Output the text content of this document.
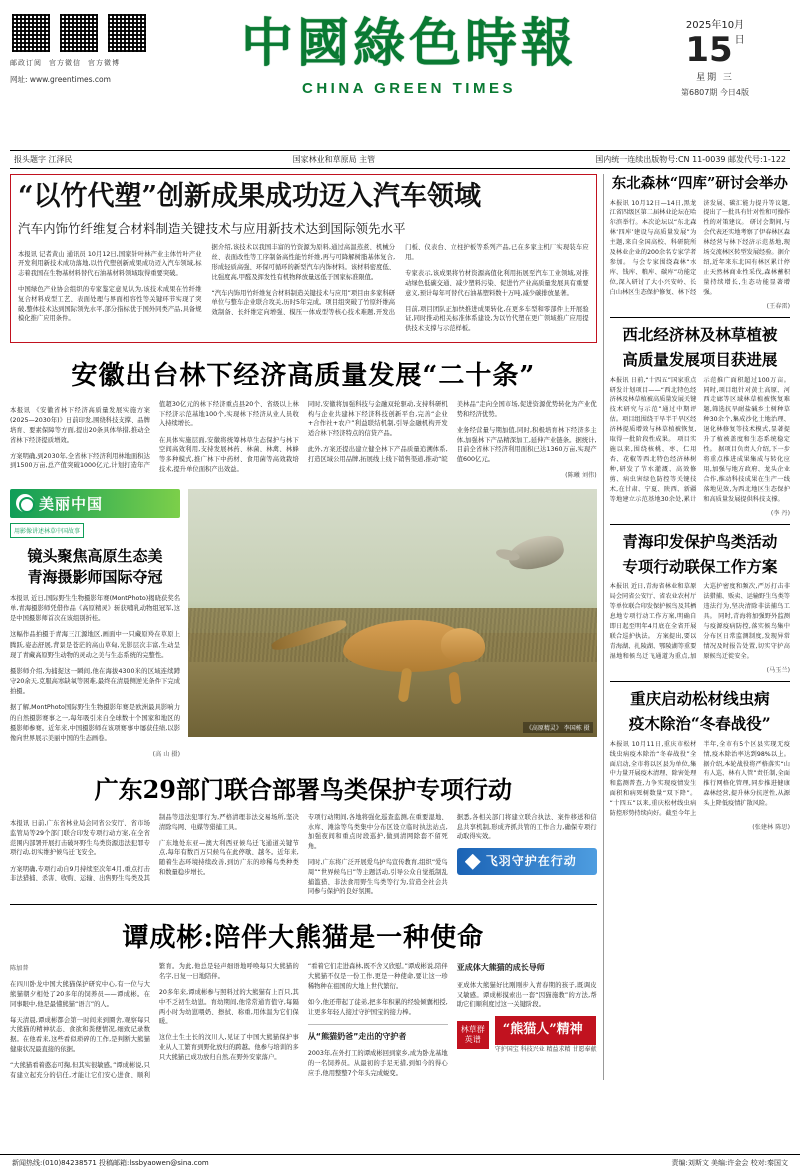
邮政订阅 官方微信 官方微博
网址: www.greentimes.com
中國綠色時報
CHINA GREEN TIMES
2025年10月
15 日
星期 三
第6807期 今日4版
报头题字 江泽民	国家林业和草原局 主管	国内统一连续出版物号:CN 11-0039 邮发代号:1-122
“以竹代塑”创新成果成功迈入汽车领域
汽车内饰竹纤维复合材料制造关键技术与应用新技术达到国际领先水平

本报讯 记者黄山 通讯员 10月12日,国家针叶林产业主体竹叶产业开发利用新技术成功落地,以竹代塑创新成果成功迈入汽车领域,标志着我国在生物基材料替代石油基材料领域取得重要突破。

中国绿色产业协会组织的专家鉴定意见认为,该技术成果在竹纤维复合材料成型工艺、表面处理与界面相容性等关键环节实现了突破,整体技术达到国际领先水平,部分指标优于国外同类产品,具备规模化推广应用条件。

据介绍,该技术以我国丰富的竹资源为原料,通过高温蒸煮、机械分丝、表面改性等工序制备高性能竹纤维,再与可降解树脂基体复合,形成轻质高强、环保可循环的新型汽车内饰材料。该材料密度低、比强度高,甲醛及挥发性有机物释放量远低于国家标准限值。

“汽车内饰用竹纤维复合材料制造关键技术与应用”项目由多家科研单位与整车企业联合攻关,历时5年完成。项目组突破了竹原纤维高效制备、长纤维定向增强、模压一体成型等核心技术难题,开发出门板、仪表台、立柱护板等系列产品,已在多家主机厂实现装车应用。

专家表示,该成果将竹材资源高值化利用拓展至汽车工业领域,对推动绿色低碳交通、减少塑料污染、促进竹产业高质量发展具有重要意义,预计每年可替代石油基塑料数十万吨,减少碳排放显著。

目前,项目团队正加快推进成果转化,在更多车型和零部件上开展验证,同时推动相关标准体系建设,为以竹代塑在更广领域推广应用提供技术支撑与示范样板。

安徽出台林下经济高质量发展“二十条”

本报讯 《安徽省林下经济高质量发展实施方案(2025—2030年)》日前印发,围绕科技支撑、品牌培育、要素保障等方面,提出20条具体举措,推动全省林下经济提质增效。

方案明确,到2030年,全省林下经济利用林地面积达到1500万亩,总产值突破1000亿元,计划打造年产值超30亿元的林下经济重点县20个、省级以上林下经济示范基地100个,实现林下经济从业人员收入持续增长。

在具体实施层面,安徽将统筹林草生态保护与林下空间高效利用,支持发展林药、林菌、林禽、林蜂等多种模式,推广林下中药材、食用菌等高效栽培技术,提升单位面积产出效益。

同时,安徽将加强科技与金融双轮驱动,支持科研机构与企业共建林下经济科技创新平台,完善“企业+合作社+农户”利益联结机制,引导金融机构开发适合林下经济特点的信贷产品。

此外,方案还提出建立健全林下产品质量追溯体系,打造区域公用品牌,拓展线上线下销售渠道,推动“皖美林品”走向全国市场,促进资源优势转化为产业优势和经济优势。

业务经营量与期加值,同时,积极培育林下经济多主体,加强林下产品精深加工,延伸产业链条。据统计,目前全省林下经济利用面积已达1360万亩,实现产值600亿元。

(陈曦 刘伟)
美丽中国
用影像讲述林草中国故事
镜头聚焦高原生态美
青海摄影师国际夺冠

本报讯 近日,国际野生生物摄影年赛(MontPhoto)揭晓获奖名单,青海摄影师凭借作品《高原精灵》斩获哺乳动物组冠军,这是中国摄影师首次在该组别折桂。

这幅作品拍摄于青海三江源地区,画面中一只藏原羚在草原上腾跃,姿态舒展,背景是苍茫的高山草甸,光影层次丰富,生动呈现了青藏高原野生动物的灵动之美与生态系统的完整性。

摄影师介绍,为捕捉这一瞬间,他在海拔4300米的区域连续蹲守20余天,克服高寒缺氧等困难,最终在清晨侧逆光条件下完成拍摄。

据了解,MontPhoto国际野生生物摄影年赛是欧洲最具影响力的自然摄影赛事之一,每年吸引来自全球数十个国家和地区的摄影师参赛。近年来,中国摄影师在该项赛事中屡获佳绩,以影像向世界展示美丽中国的生态画卷。

(高 山 摄)
《高原精灵》 李国栋 摄
广东29部门联合部署鸟类保护专项行动

本报讯 日前,广东省林业局会同省公安厅、省市场监管局等29个部门联合印发专项行动方案,在全省范围内部署开展打击破坏野生鸟类资源违法犯罪专项行动,切实维护候鸟迁飞安全。

方案明确,专项行动自9月持续至次年4月,重点打击非法猎捕、杀害、收购、运输、出售野生鸟类及其制品等违法犯罪行为,严格清理非法交易场所,坚决清除鸟网、电媒等猎捕工具。

广东地处东亚—澳大利西亚候鸟迁飞通道关键节点,每年有数百万只候鸟在此停歇、越冬。近年来,随着生态环境持续改善,到访广东的珍稀鸟类种类和数量稳步增长。

专项行动期间,各地将强化巡查监测,在重要湿地、水库、滩涂等鸟类集中分布区设立临时执法站点,加强夜间和重点时段巡护,做到清网除套不留死角。

同时,广东将广泛开展爱鸟护鸟宣传教育,组织“爱鸟周”“世界候鸟日”等主题活动,引导公众自觉抵制乱捕滥猎、非法食用野生鸟类等行为,营造全社会共同参与保护的良好氛围。

据悉,各相关部门将建立联合执法、案件移送和信息共享机制,形成齐抓共管的工作合力,确保专项行动取得实效。

飞羽守护在行动
谭成彬:陪伴大熊猫是一种使命
陈加普

在四川卧龙中国大熊猫保护研究中心,有一位与大熊猫朝夕相处了20多年的饲养员——谭成彬。在同事眼中,他是最懂熊猫“语言”的人。

每天清晨,谭成彬都会第一时间来到圈舍,观察每只大熊猫的精神状态、食欲和粪便情况,细致记录数据。在他看来,这些看似琐碎的工作,是判断大熊猫健康状况最直接的依据。

“大熊猫看着憨态可掬,但其实很敏感。”谭成彬说,只有建立起充分的信任,才能让它们安心进食、顺利繁育。为此,他总是轻声细语地呼唤每只大熊猫的名字,日复一日地陪伴。

20多年来,谭成彬参与照料过的大熊猫有上百只,其中不乏初生幼崽。育幼期间,他常常通宵值守,每隔两小时为幼崽喂奶、擦拭、称重,用体温为它们保暖。

这位土生土长的汶川人,见证了中国大熊猫保护事业从人工繁育到野化放归的跨越。他参与培训的多只大熊猫已成功放归自然,在野外安家落户。

“看着它们走进森林,既不舍又欣慰。”谭成彬说,陪伴大熊猫不仅是一份工作,更是一种使命,要让这一珍稀物种在祖国的大地上世代繁衍。

如今,他还带起了徒弟,把多年积累的经验倾囊相授,让更多年轻人接过守护国宝的接力棒。

从“熊猫奶爸”走出的守护者

2003年,在外打工的谭成彬回到家乡,成为卧龙基地的一名饲养员。从最初的手足无措,到如今的得心应手,他用整整7个年头完成蜕变。

亚成体大熊猫的成长导师

亚成体大熊猫好比刚刚步入青春期的孩子,既调皮又敏感。谭成彬摸索出一套“因猫施教”的方法,帮助它们顺利度过这一关键阶段。

林草群英谱
“熊猫人”精神
守护国宝 科技兴业 精益求精 甘愿奉献
东北森林“四库”研讨会举办
本报讯 10月12日—14日,黑龙江省四级区第二届林业论坛在哈尔滨举行。本次论坛以“东北森林‘四库’建设与高质量发展”为主题,来自全国高校、科研院所及林业企业的200余名专家学者参加。 与会专家围绕森林“水库、钱库、粮库、碳库”功能定位,深入研讨了大小兴安岭、长白山林区生态保护修复、林下经济发展、碳汇能力提升等议题,提出了一批具有针对性和可操作性的对策建议。 研讨会期间,与会代表还实地考察了伊春林区森林经营与林下经济示范基地,现场交流林区转型发展经验。据介绍,近年来东北国有林区累计停止天然林商业性采伐,森林蓄积量持续增长,生态功能显著增强。
(王春雷)
西北经济林及林草植被
高质量发展项目获进展
本报讯 日前,“十四五”国家重点研发计划项目——“西北特色经济林及林草植被高质量发展关键技术研究与示范”通过中期评估。项目组围绕干旱半干旱区经济林提质增效与林草植被恢复,取得一批阶段性成果。 项目实施以来,围绕核桃、枣、仁用杏、花椒等西北特色经济林树种,研发了节水灌溉、高效修剪、病虫害绿色防控等关键技术,在甘肃、宁夏、陕西、新疆等地建立示范基地30余处,累计示范推广面积超过100万亩。 同时,项目组针对黄土高原、河西走廊等区域林草植被恢复难题,筛选抗旱耐盐碱乡土树种草种30余个,集成沙化土地治理、退化林修复等技术模式,显著提升了植被盖度和生态系统稳定性。 据项目负责人介绍,下一步将重点推进成果集成与转化应用,加强与地方政府、龙头企业合作,推动科技成果在生产一线落地见效,为西北地区生态保护和高质量发展提供科技支撑。
(李 丹)
青海印发保护鸟类活动
专项行动联保工作方案
本报讯 近日,青海省林业和草原局会同省公安厅、省农业农村厅等单位联合印发保护候鸟及其栖息地专项行动工作方案,明确自即日起至明年4月底在全省开展联合巡护执法。 方案提出,要以青海湖、扎陵湖、鄂陵湖等重要湿地和候鸟迁飞通道为重点,加大巡护密度和频次,严厉打击非法猎捕、贩卖、运输野生鸟类等违法行为,坚决清除非法捕鸟工具。 同时,青海将加强野外监测与疫源疫病防控,落实候鸟集中分布区日常监测制度,发现异常情况及时报告处置,切实守护高原候鸟迁徙安全。
(马玉兰)
重庆启动松材线虫病
疫木除治“冬春战役”
本报讯 10月11日,重庆市松材线虫病疫木除治“冬春战役”全面启动,全市将以区县为单位,集中力量开展疫木清理、除害处理和监测普查,力争实现疫情发生面积和病死树数量“双下降”。 “十四五”以来,重庆松材线虫病防控形势持续向好。截至今年上半年,全市有5个区县实现无疫情,疫木除治率达到98%以上。 据介绍,本轮战役将严格落实“山有人巡、林有人管”责任制,全面推行网格化管理,同步推进健康森林经营,提升林分抗逆性,从源头上降低疫情扩散风险。
(张建林 陈思)
新闻热线:(010)84238571 投稿邮箱:lssbyaowen@sina.com	责编:刘斯文 美编:许金会 校对:秦国文
